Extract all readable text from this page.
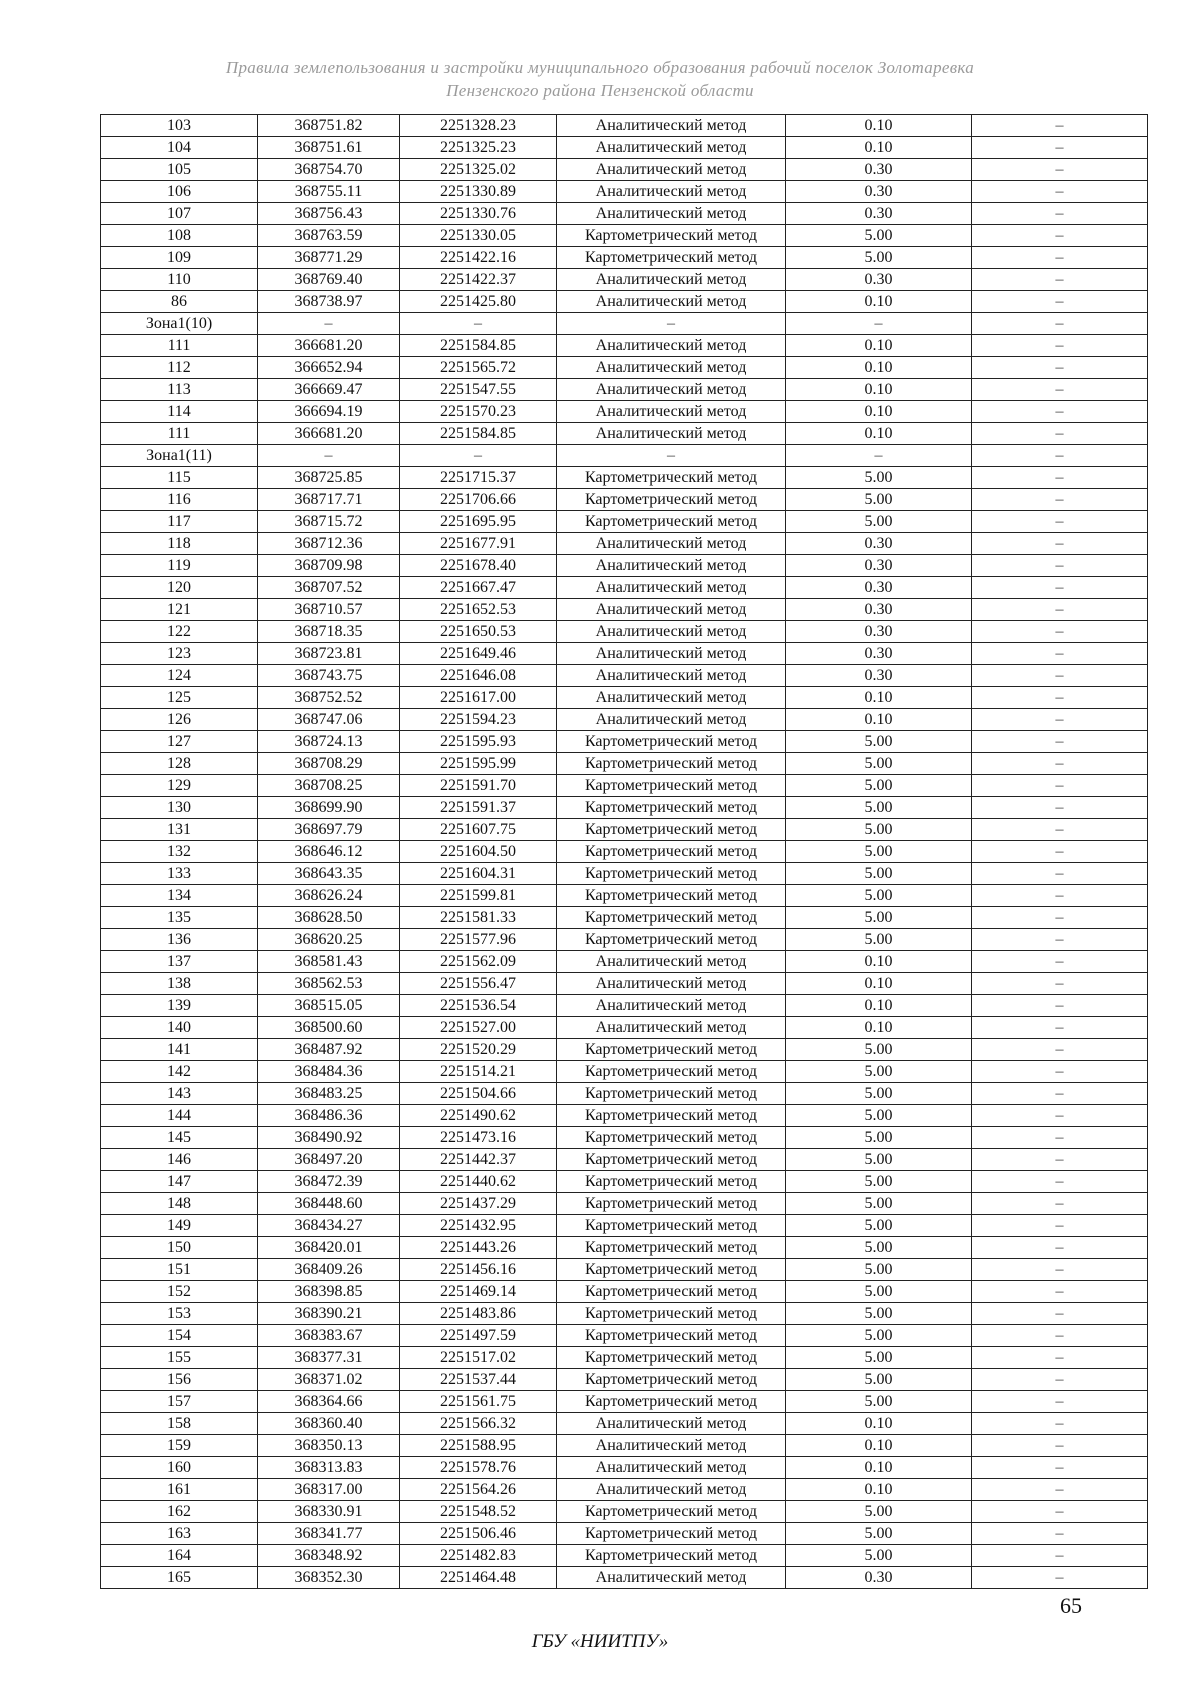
Правила землепользования и застройки муниципального образования рабочий поселок Золотаревка
Пензенского района Пензенской области
103	368751.82	2251328.23	Аналитический метод	0.10	–
104	368751.61	2251325.23	Аналитический метод	0.10	–
105	368754.70	2251325.02	Аналитический метод	0.30	–
106	368755.11	2251330.89	Аналитический метод	0.30	–
107	368756.43	2251330.76	Аналитический метод	0.30	–
108	368763.59	2251330.05	Картометрический метод	5.00	–
109	368771.29	2251422.16	Картометрический метод	5.00	–
110	368769.40	2251422.37	Аналитический метод	0.30	–
86	368738.97	2251425.80	Аналитический метод	0.10	–
Зона1(10)	–	–	–	–	–
111	366681.20	2251584.85	Аналитический метод	0.10	–
112	366652.94	2251565.72	Аналитический метод	0.10	–
113	366669.47	2251547.55	Аналитический метод	0.10	–
114	366694.19	2251570.23	Аналитический метод	0.10	–
111	366681.20	2251584.85	Аналитический метод	0.10	–
Зона1(11)	–	–	–	–	–
115	368725.85	2251715.37	Картометрический метод	5.00	–
116	368717.71	2251706.66	Картометрический метод	5.00	–
117	368715.72	2251695.95	Картометрический метод	5.00	–
118	368712.36	2251677.91	Аналитический метод	0.30	–
119	368709.98	2251678.40	Аналитический метод	0.30	–
120	368707.52	2251667.47	Аналитический метод	0.30	–
121	368710.57	2251652.53	Аналитический метод	0.30	–
122	368718.35	2251650.53	Аналитический метод	0.30	–
123	368723.81	2251649.46	Аналитический метод	0.30	–
124	368743.75	2251646.08	Аналитический метод	0.30	–
125	368752.52	2251617.00	Аналитический метод	0.10	–
126	368747.06	2251594.23	Аналитический метод	0.10	–
127	368724.13	2251595.93	Картометрический метод	5.00	–
128	368708.29	2251595.99	Картометрический метод	5.00	–
129	368708.25	2251591.70	Картометрический метод	5.00	–
130	368699.90	2251591.37	Картометрический метод	5.00	–
131	368697.79	2251607.75	Картометрический метод	5.00	–
132	368646.12	2251604.50	Картометрический метод	5.00	–
133	368643.35	2251604.31	Картометрический метод	5.00	–
134	368626.24	2251599.81	Картометрический метод	5.00	–
135	368628.50	2251581.33	Картометрический метод	5.00	–
136	368620.25	2251577.96	Картометрический метод	5.00	–
137	368581.43	2251562.09	Аналитический метод	0.10	–
138	368562.53	2251556.47	Аналитический метод	0.10	–
139	368515.05	2251536.54	Аналитический метод	0.10	–
140	368500.60	2251527.00	Аналитический метод	0.10	–
141	368487.92	2251520.29	Картометрический метод	5.00	–
142	368484.36	2251514.21	Картометрический метод	5.00	–
143	368483.25	2251504.66	Картометрический метод	5.00	–
144	368486.36	2251490.62	Картометрический метод	5.00	–
145	368490.92	2251473.16	Картометрический метод	5.00	–
146	368497.20	2251442.37	Картометрический метод	5.00	–
147	368472.39	2251440.62	Картометрический метод	5.00	–
148	368448.60	2251437.29	Картометрический метод	5.00	–
149	368434.27	2251432.95	Картометрический метод	5.00	–
150	368420.01	2251443.26	Картометрический метод	5.00	–
151	368409.26	2251456.16	Картометрический метод	5.00	–
152	368398.85	2251469.14	Картометрический метод	5.00	–
153	368390.21	2251483.86	Картометрический метод	5.00	–
154	368383.67	2251497.59	Картометрический метод	5.00	–
155	368377.31	2251517.02	Картометрический метод	5.00	–
156	368371.02	2251537.44	Картометрический метод	5.00	–
157	368364.66	2251561.75	Картометрический метод	5.00	–
158	368360.40	2251566.32	Аналитический метод	0.10	–
159	368350.13	2251588.95	Аналитический метод	0.10	–
160	368313.83	2251578.76	Аналитический метод	0.10	–
161	368317.00	2251564.26	Аналитический метод	0.10	–
162	368330.91	2251548.52	Картометрический метод	5.00	–
163	368341.77	2251506.46	Картометрический метод	5.00	–
164	368348.92	2251482.83	Картометрический метод	5.00	–
165	368352.30	2251464.48	Аналитический метод	0.30	–
65
ГБУ «НИИТПУ»
